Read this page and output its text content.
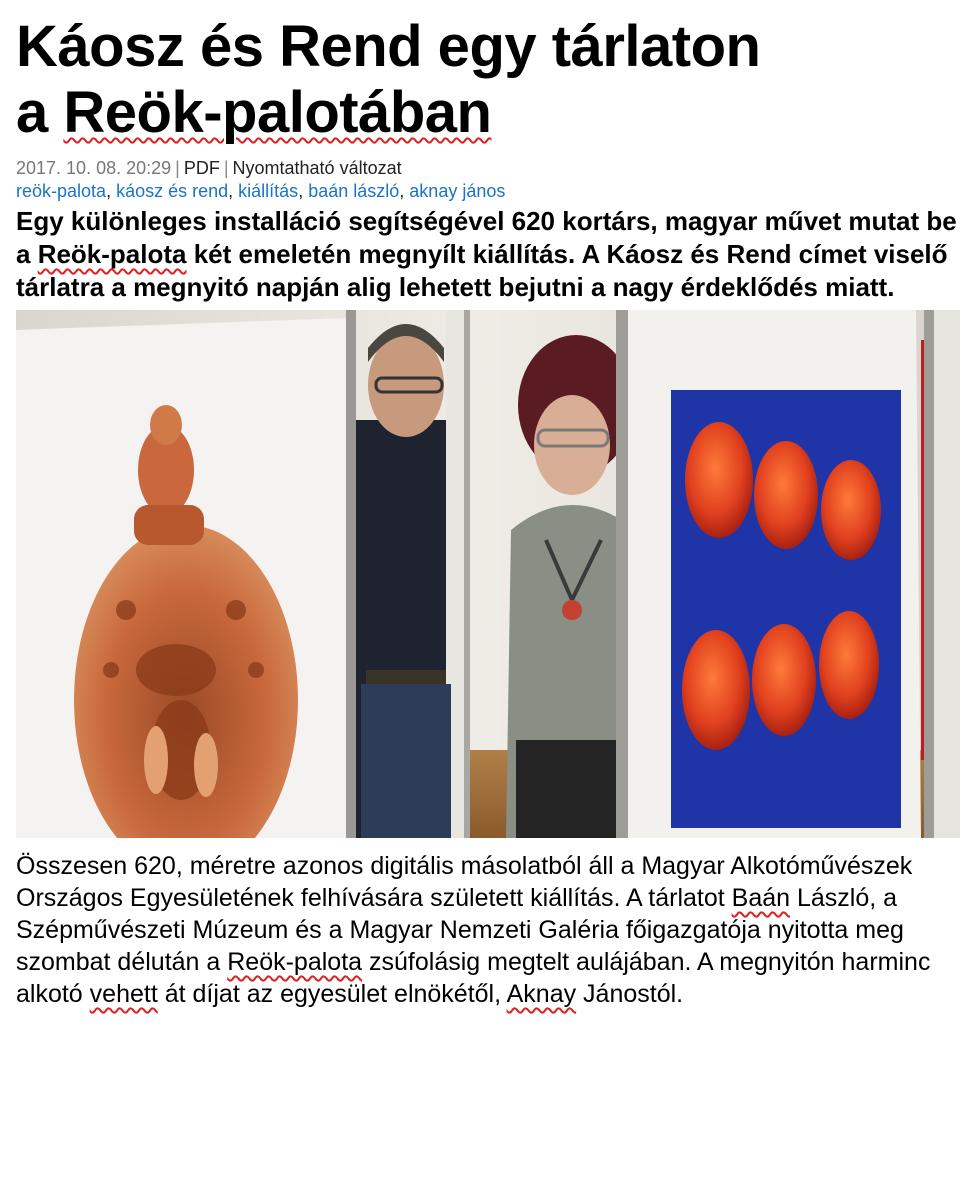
Káosz és Rend egy tárlaton
a Reök-palotában
2017. 10. 08. 20:29 | PDF | Nyomtatható változat
reök-palota, káosz és rend, kiállítás, baán lászló, aknay jános
Egy különleges installáció segítségével 620 kortárs, magyar művet mutat be a Reök-palota két emeletén megnyílt kiállítás. A Káosz és Rend címet viselő tárlatra a megnyitó napján alig lehetett bejutni a nagy érdeklődés miatt.
Összesen 620, méretre azonos digitális másolatból áll a Magyar Alkotóművészek Országos Egyesületének felhívására született kiállítás. A tárlatot Baán László, a Szépművészeti Múzeum és a Magyar Nemzeti Galéria főigazgatója nyitotta meg szombat délután a Reök-palota zsúfolásig megtelt aulájában. A megnyitón harminc alkotó vehett át díjat az egyesület elnökétől, Aknay Jánostól.
